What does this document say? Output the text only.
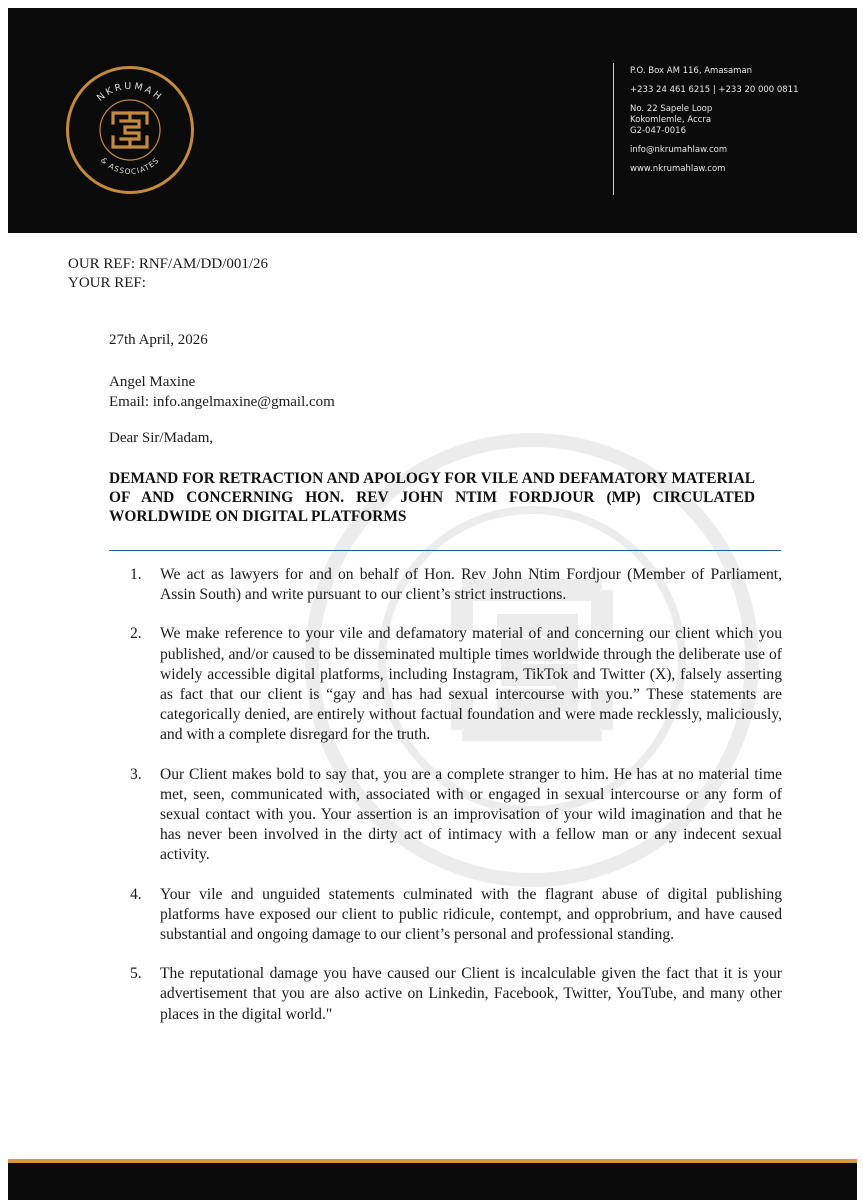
NKRUMAH
& ASSOCIATES
P.O. Box AM 116, Amasaman
+233 24 461 6215 | +233 20 000 0811
No. 22 Sapele Loop
Kokomlemle, Accra
G2-047-0016
info@nkrumahlaw.com
www.nkrumahlaw.com
OUR REF: RNF/AM/DD/001/26
YOUR REF:
27th April, 2026
Angel Maxine
Email: info.angelmaxine@gmail.com
Dear Sir/Madam,
DEMAND FOR RETRACTION AND APOLOGY FOR VILE AND DEFAMATORY MATERIAL OF AND CONCERNING HON. REV JOHN NTIM FORDJOUR (MP) CIRCULATED WORLDWIDE ON DIGITAL PLATFORMS
1. We act as lawyers for and on behalf of Hon. Rev John Ntim Fordjour (Member of Parliament, Assin South) and write pursuant to our client’s strict instructions.
2. We make reference to your vile and defamatory material of and concerning our client which you published, and/or caused to be disseminated multiple times worldwide through the deliberate use of widely accessible digital platforms, including Instagram, TikTok and Twitter (X), falsely asserting as fact that our client is “gay and has had sexual intercourse with you.” These statements are categorically denied, are entirely without factual foundation and were made recklessly, maliciously, and with a complete disregard for the truth.
3. Our Client makes bold to say that, you are a complete stranger to him. He has at no material time met, seen, communicated with, associated with or engaged in sexual intercourse or any form of sexual contact with you. Your assertion is an improvisation of your wild imagination and that he has never been involved in the dirty act of intimacy with a fellow man or any indecent sexual activity.
4. Your vile and unguided statements culminated with the flagrant abuse of digital publishing platforms have exposed our client to public ridicule, contempt, and opprobrium, and have caused substantial and ongoing damage to our client’s personal and professional standing.
5. The reputational damage you have caused our Client is incalculable given the fact that it is your advertisement that you are also active on Linkedin, Facebook, Twitter, YouTube, and many other places in the digital world."
